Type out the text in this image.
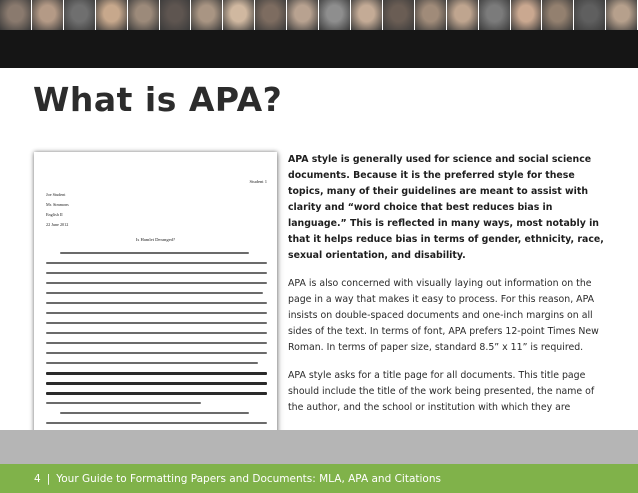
What is APA?
Student 1
Joe Student
Mr. Simmons
English II
22 June 2012
Is Hamlet Deranged?

APA style is generally used for science and social science documents. Because it is the preferred style for these topics, many of their guidelines are meant to assist with clarity and “word choice that best reduces bias in language.” This is reflected in many ways, most notably in that it helps reduce bias in terms of gender, ethnicity, race, sexual orientation, and disability.

APA is also concerned with visually laying out information on the page in a way that makes it easy to process. For this reason, APA insists on double-spaced documents and one-inch margins on all sides of the text. In terms of font, APA prefers 12-point Times New Roman. In terms of paper size, standard 8.5” x 11” is required.

APA style asks for a title page for all documents. This title page should include the title of the work being presented, the name of the author, and the school or institution with which they are

4 | Your Guide to Formatting Papers and Documents: MLA, APA and Citations
